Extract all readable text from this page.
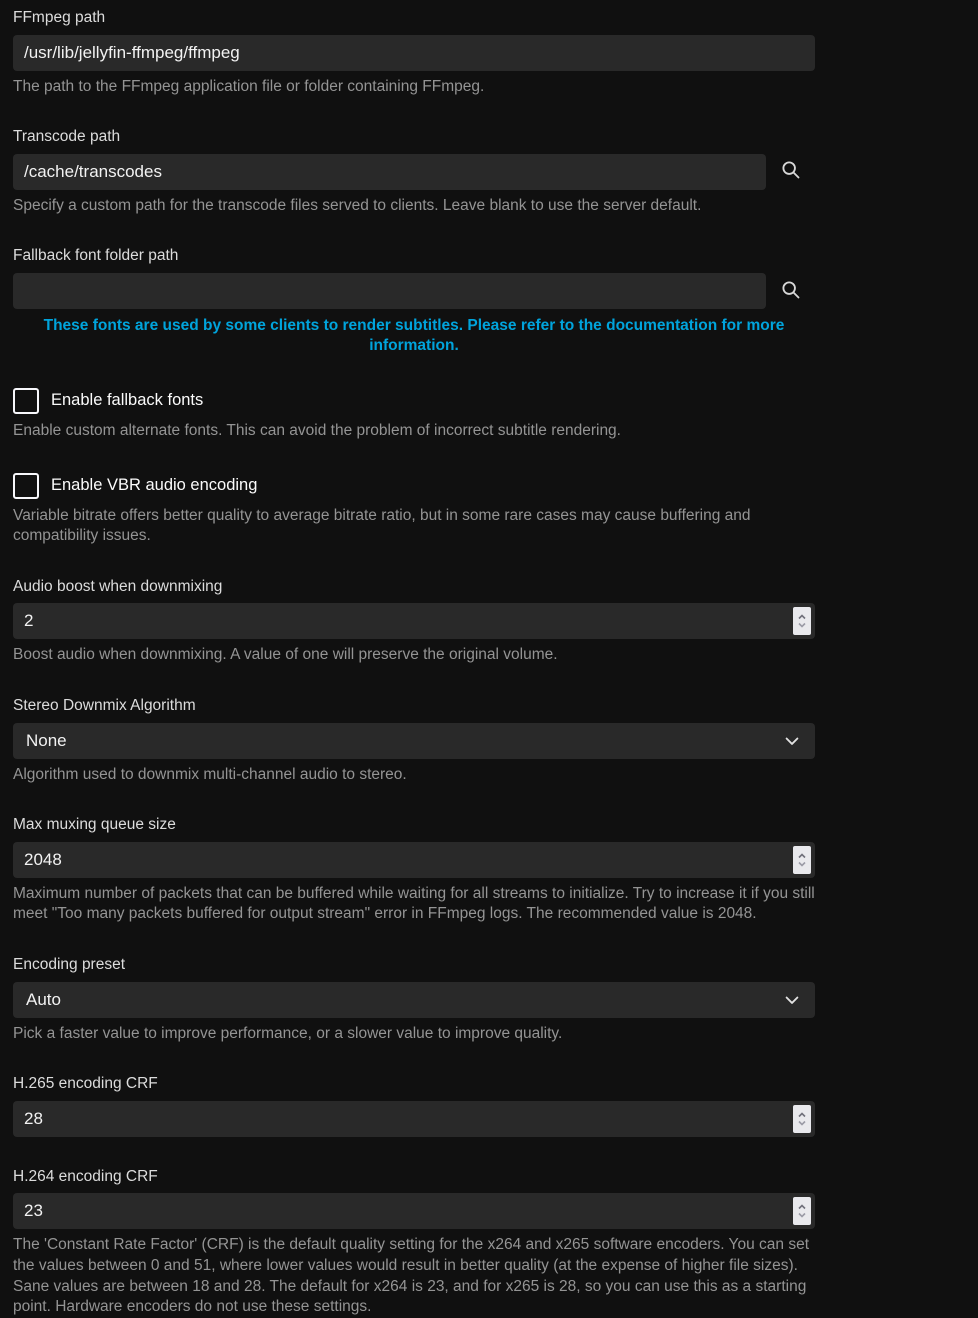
FFmpeg path
/usr/lib/jellyfin-ffmpeg/ffmpeg
The path to the FFmpeg application file or folder containing FFmpeg.
Transcode path
/cache/transcodes
Specify a custom path for the transcode files served to clients. Leave blank to use the server default.
Fallback font folder path
These fonts are used by some clients to render subtitles. Please refer to the documentation for more information.
Enable fallback fonts
Enable custom alternate fonts. This can avoid the problem of incorrect subtitle rendering.
Enable VBR audio encoding
Variable bitrate offers better quality to average bitrate ratio, but in some rare cases may cause buffering and compatibility issues.
Audio boost when downmixing
2
Boost audio when downmixing. A value of one will preserve the original volume.
Stereo Downmix Algorithm
None
Algorithm used to downmix multi-channel audio to stereo.
Max muxing queue size
2048
Maximum number of packets that can be buffered while waiting for all streams to initialize. Try to increase it if you still meet "Too many packets buffered for output stream" error in FFmpeg logs. The recommended value is 2048.
Encoding preset
Auto
Pick a faster value to improve performance, or a slower value to improve quality.
H.265 encoding CRF
28
H.264 encoding CRF
23
The 'Constant Rate Factor' (CRF) is the default quality setting for the x264 and x265 software encoders. You can set the values between 0 and 51, where lower values would result in better quality (at the expense of higher file sizes). Sane values are between 18 and 28. The default for x264 is 23, and for x265 is 28, so you can use this as a starting point. Hardware encoders do not use these settings.
